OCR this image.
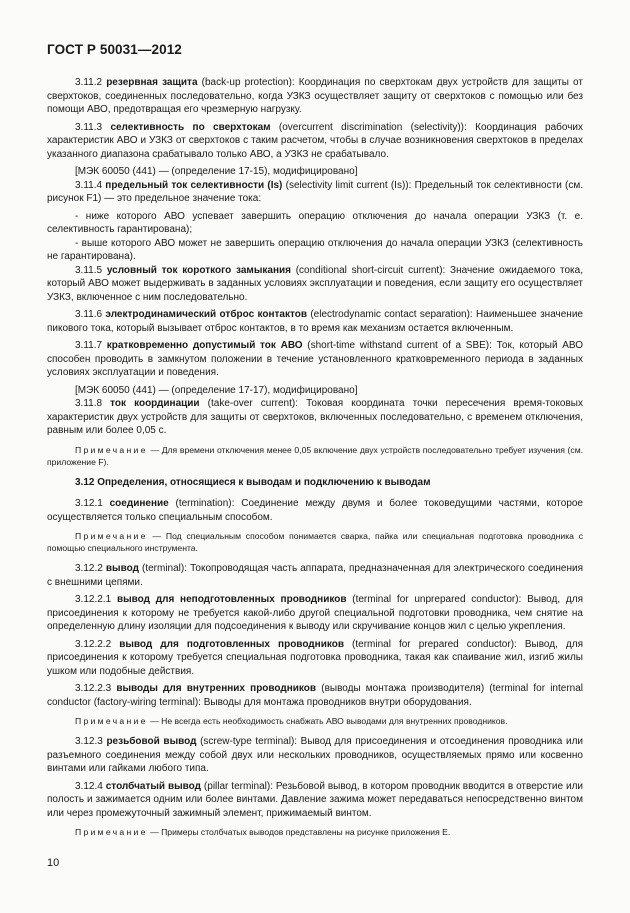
ГОСТ Р 50031—2012
3.11.2 резервная защита (back-up protection): Координация по сверхтокам двух устройств для защиты от сверхтоков, соединенных последовательно, когда УЗКЗ осуществляет защиту от сверхтоков с помощью или без помощи АВО, предотвращая его чрезмерную нагрузку.
3.11.3 селективность по сверхтокам (overcurrent discrimination (selectivity)): Координация рабочих характеристик АВО и УЗКЗ от сверхтоков с таким расчетом, чтобы в случае возникновения сверхтоков в пределах указанного диапазона срабатывало только АВО, а УЗКЗ не срабатывало.
[МЭК 60050 (441) — (определение 17-15), модифицировано]
3.11.4 предельный ток селективности (Is) (selectivity limit current (Is)): Предельный ток селективности (см. рисунок F1) — это предельное значение тока:
- ниже которого АВО успевает завершить операцию отключения до начала операции УЗКЗ (т. е. селективность гарантирована);
- выше которого АВО может не завершить операцию отключения до начала операции УЗКЗ (селективность не гарантирована).
3.11.5 условный ток короткого замыкания (conditional short-circuit current): Значение ожидаемого тока, который АВО может выдерживать в заданных условиях эксплуатации и поведения, если защиту его осуществляет УЗКЗ, включенное с ним последовательно.
3.11.6 электродинамический отброс контактов (electrodynamic contact separation): Наименьшее значение пикового тока, который вызывает отброс контактов, в то время как механизм остается включенным.
3.11.7 кратковременно допустимый ток АВО (short-time withstand current of a SBE): Ток, который АВО способен проводить в замкнутом положении в течение установленного кратковременного периода в заданных условиях эксплуатации и поведения.
[МЭК 60050 (441) — (определение 17-17), модифицировано]
3.11.8 ток координации (take-over current): Токовая координата точки пересечения время-токовых характеристик двух устройств для защиты от сверхтоков, включенных последовательно, с временем отключения, равным или более 0,05 с.
Примечание — Для времени отключения менее 0,05 включение двух устройств последовательно требует изучения (см. приложение F).
3.12 Определения, относящиеся к выводам и подключению к выводам
3.12.1 соединение (termination): Соединение между двумя и более токоведущими частями, которое осуществляется только специальным способом.
Примечание — Под специальным способом понимается сварка, пайка или специальная подготовка проводника с помощью специального инструмента.
3.12.2 вывод (terminal): Токопроводящая часть аппарата, предназначенная для электрического соединения с внешними цепями.
3.12.2.1 вывод для неподготовленных проводников (terminal for unprepared conductor): Вывод, для присоединения к которому не требуется какой-либо другой специальной подготовки проводника, чем снятие на определенную длину изоляции для подсоединения к выводу или скручивание концов жил с целью укрепления.
3.12.2.2 вывод для подготовленных проводников (terminal for prepared conductor): Вывод, для присоединения к которому требуется специальная подготовка проводника, такая как спаивание жил, изгиб жилы ушком или подобные действия.
3.12.2.3 выводы для внутренних проводников (выводы монтажа производителя) (terminal for internal conductor (factory-wiring terminal): Выводы для монтажа проводников внутри оборудования.
Примечание — Не всегда есть необходимость снабжать АВО выводами для внутренних проводников.
3.12.3 резьбовой вывод (screw-type terminal): Вывод для присоединения и отсоединения проводника или разъемного соединения между собой двух или нескольких проводников, осуществляемых прямо или косвенно винтами или гайками любого типа.
3.12.4 столбчатый вывод (pillar terminal): Резьбовой вывод, в котором проводник вводится в отверстие или полость и зажимается одним или более винтами. Давление зажима может передаваться непосредственно винтом или через промежуточный зажимный элемент, прижимаемый винтом.
Примечание — Примеры столбчатых выводов представлены на рисунке приложения Е.
10
